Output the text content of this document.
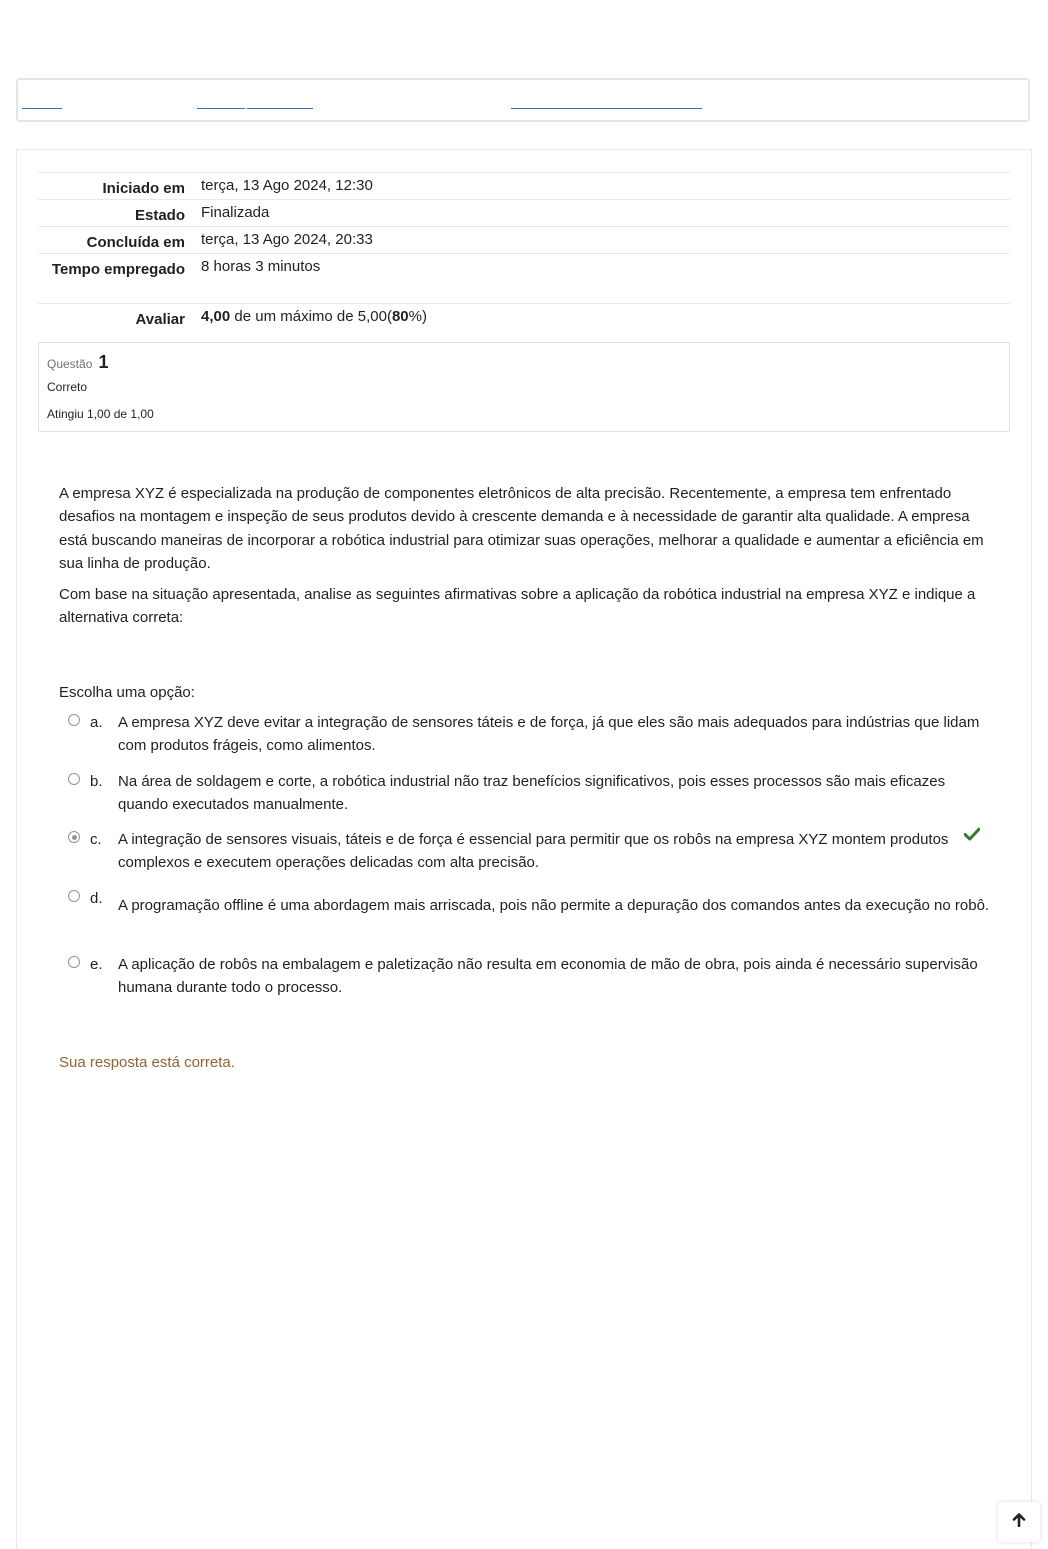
Iniciado em	terça, 13 Ago 2024, 12:30
Estado	Finalizada
Concluída em	terça, 13 Ago 2024, 20:33
Tempo empregado	8 horas 3 minutos
Avaliar	4,00 de um máximo de 5,00(80%)
Questão 1
Correto
Atingiu 1,00 de 1,00

A empresa XYZ é especializada na produção de componentes eletrônicos de alta precisão. Recentemente, a empresa tem enfrentado desafios na montagem e inspeção de seus produtos devido à crescente demanda e à necessidade de garantir alta qualidade. A empresa está buscando maneiras de incorporar a robótica industrial para otimizar suas operações, melhorar a qualidade e aumentar a eficiência em sua linha de produção.

Com base na situação apresentada, analise as seguintes afirmativas sobre a aplicação da robótica industrial na empresa XYZ e indique a alternativa correta:

Escolha uma opção:
a. A empresa XYZ deve evitar a integração de sensores táteis e de força, já que eles são mais adequados para indústrias que lidam com produtos frágeis, como alimentos.
b. Na área de soldagem e corte, a robótica industrial não traz benefícios significativos, pois esses processos são mais eficazes quando executados manualmente.
c. A integração de sensores visuais, táteis e de força é essencial para permitir que os robôs na empresa XYZ montem produtos complexos e executem operações delicadas com alta precisão.
d. A programação offline é uma abordagem mais arriscada, pois não permite a depuração dos comandos antes da execução no robô.
e. A aplicação de robôs na embalagem e paletização não resulta em economia de mão de obra, pois ainda é necessário supervisão humana durante todo o processo.
Sua resposta está correta.
